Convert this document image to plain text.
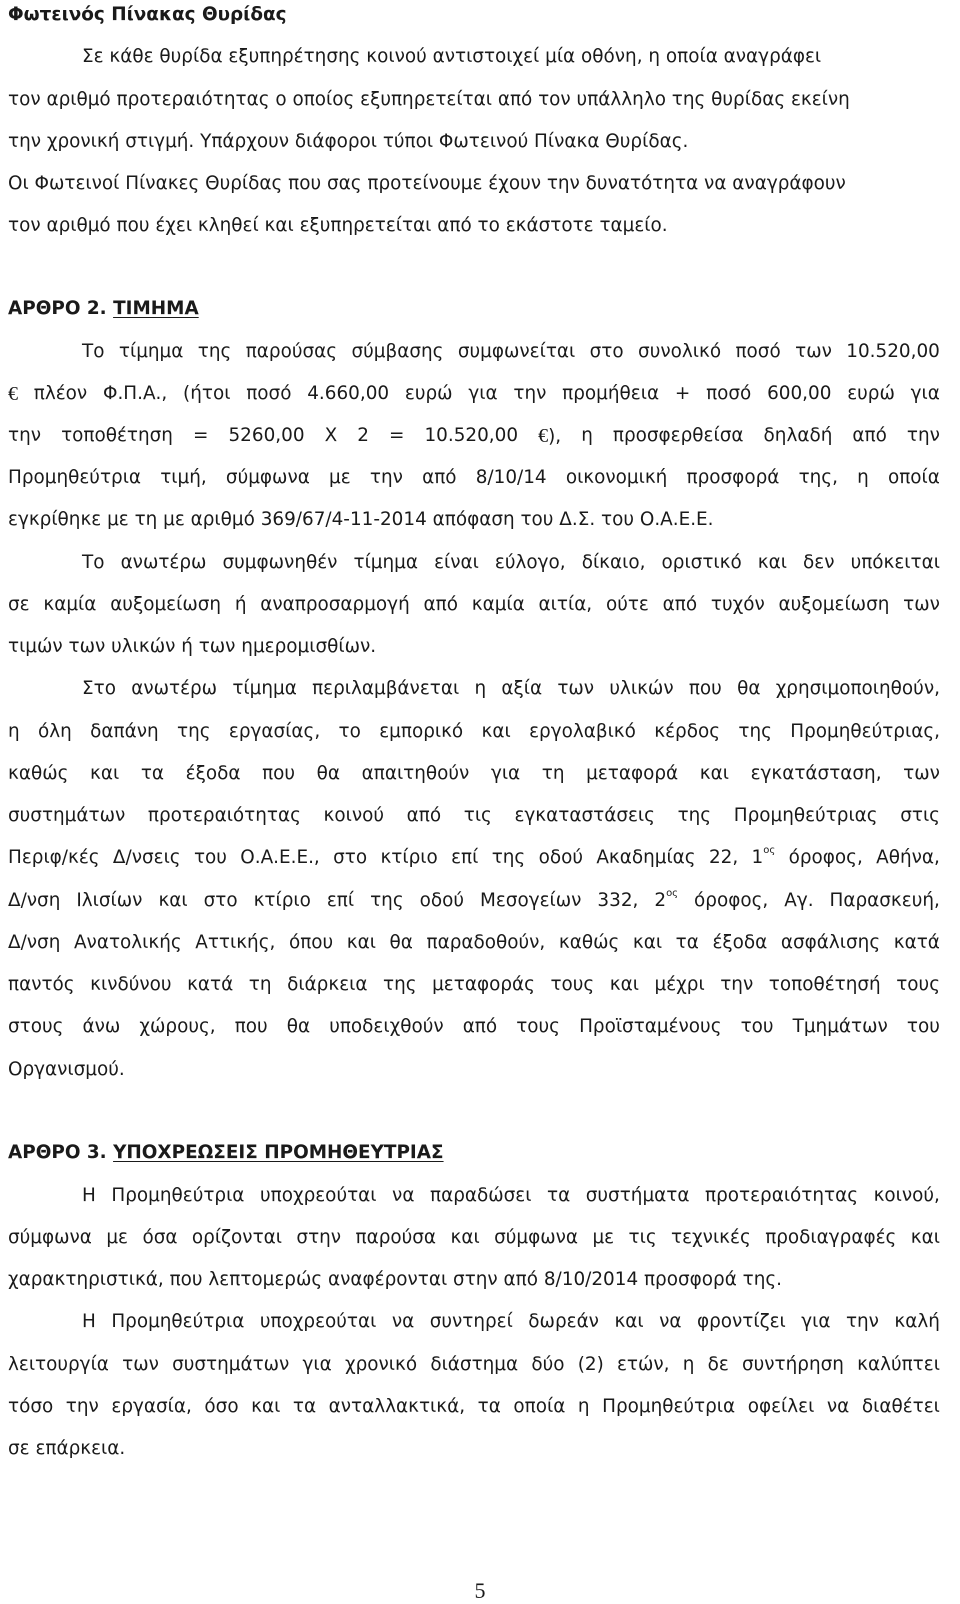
Φωτεινός Πίνακας Θυρίδας
Σε κάθε θυρίδα εξυπηρέτησης κοινού αντιστοιχεί μία οθόνη, η οποία αναγράφει
τον αριθμό προτεραιότητας ο οποίος εξυπηρετείται από τον υπάλληλο της θυρίδας εκείνη
την χρονική στιγμή. Υπάρχουν διάφοροι τύποι Φωτεινού Πίνακα Θυρίδας.
Οι Φωτεινοί Πίνακες Θυρίδας που σας προτείνουμε έχουν την δυνατότητα να αναγράφουν
τον αριθμό που έχει κληθεί και εξυπηρετείται από το εκάστοτε ταμείο.
ΑΡΘΡΟ 2. ΤΙΜΗΜΑ
Το τίμημα της παρούσας σύμβασης συμφωνείται στο συνολικό ποσό των 10.520,00
€ πλέον Φ.Π.Α., (ήτοι ποσό 4.660,00 ευρώ για την προμήθεια + ποσό 600,00 ευρώ για
την τοποθέτηση = 5260,00 Χ 2 = 10.520,00 €), η προσφερθείσα δηλαδή από την
Προμηθεύτρια τιμή, σύμφωνα με την από 8/10/14 οικονομική προσφορά της, η οποία
εγκρίθηκε με τη με αριθμό 369/67/4-11-2014 απόφαση του Δ.Σ. του Ο.Α.Ε.Ε.
Το ανωτέρω συμφωνηθέν τίμημα είναι εύλογο, δίκαιο, οριστικό και δεν υπόκειται
σε καμία αυξομείωση ή αναπροσαρμογή από καμία αιτία, ούτε από τυχόν αυξομείωση των
τιμών των υλικών ή των ημερομισθίων.
Στο ανωτέρω τίμημα περιλαμβάνεται η αξία των υλικών που θα χρησιμοποιηθούν,
η όλη δαπάνη της εργασίας, το εμπορικό και εργολαβικό κέρδος της Προμηθεύτριας,
καθώς και τα έξοδα που θα απαιτηθούν για τη μεταφορά και εγκατάσταση, των
συστημάτων προτεραιότητας κοινού από τις εγκαταστάσεις της Προμηθεύτριας στις
Περιφ/κές Δ/νσεις του Ο.Α.Ε.Ε., στο κτίριο επί της οδού Ακαδημίας 22, $1^{o\varsigma}$ όροφος, Αθήνα,
Δ/νση Ιλισίων και στο κτίριο επί της οδού Μεσογείων 332, $2^{o\varsigma}$ όροφος, Αγ. Παρασκευή,
Δ/νση Ανατολικής Αττικής, όπου και θα παραδοθούν, καθώς και τα έξοδα ασφάλισης κατά
παντός κινδύνου κατά τη διάρκεια της μεταφοράς τους και μέχρι την τοποθέτησή τους
στους άνω χώρους, που θα υποδειχθούν από τους Προϊσταμένους του Τμημάτων του
Οργανισμού.
ΑΡΘΡΟ 3. ΥΠΟΧΡΕΩΣΕΙΣ ΠΡΟΜΗΘΕΥΤΡΙΑΣ
Η Προμηθεύτρια υποχρεούται να παραδώσει τα συστήματα προτεραιότητας κοινού,
σύμφωνα με όσα ορίζονται στην παρούσα και σύμφωνα με τις τεχνικές προδιαγραφές και
χαρακτηριστικά, που λεπτομερώς αναφέρονται στην από 8/10/2014 προσφορά της.
Η Προμηθεύτρια υποχρεούται να συντηρεί δωρεάν και να φροντίζει για την καλή
λειτουργία των συστημάτων για χρονικό διάστημα δύο (2) ετών, η δε συντήρηση καλύπτει
τόσο την εργασία, όσο και τα ανταλλακτικά, τα οποία η Προμηθεύτρια οφείλει να διαθέτει
σε επάρκεια.
5
